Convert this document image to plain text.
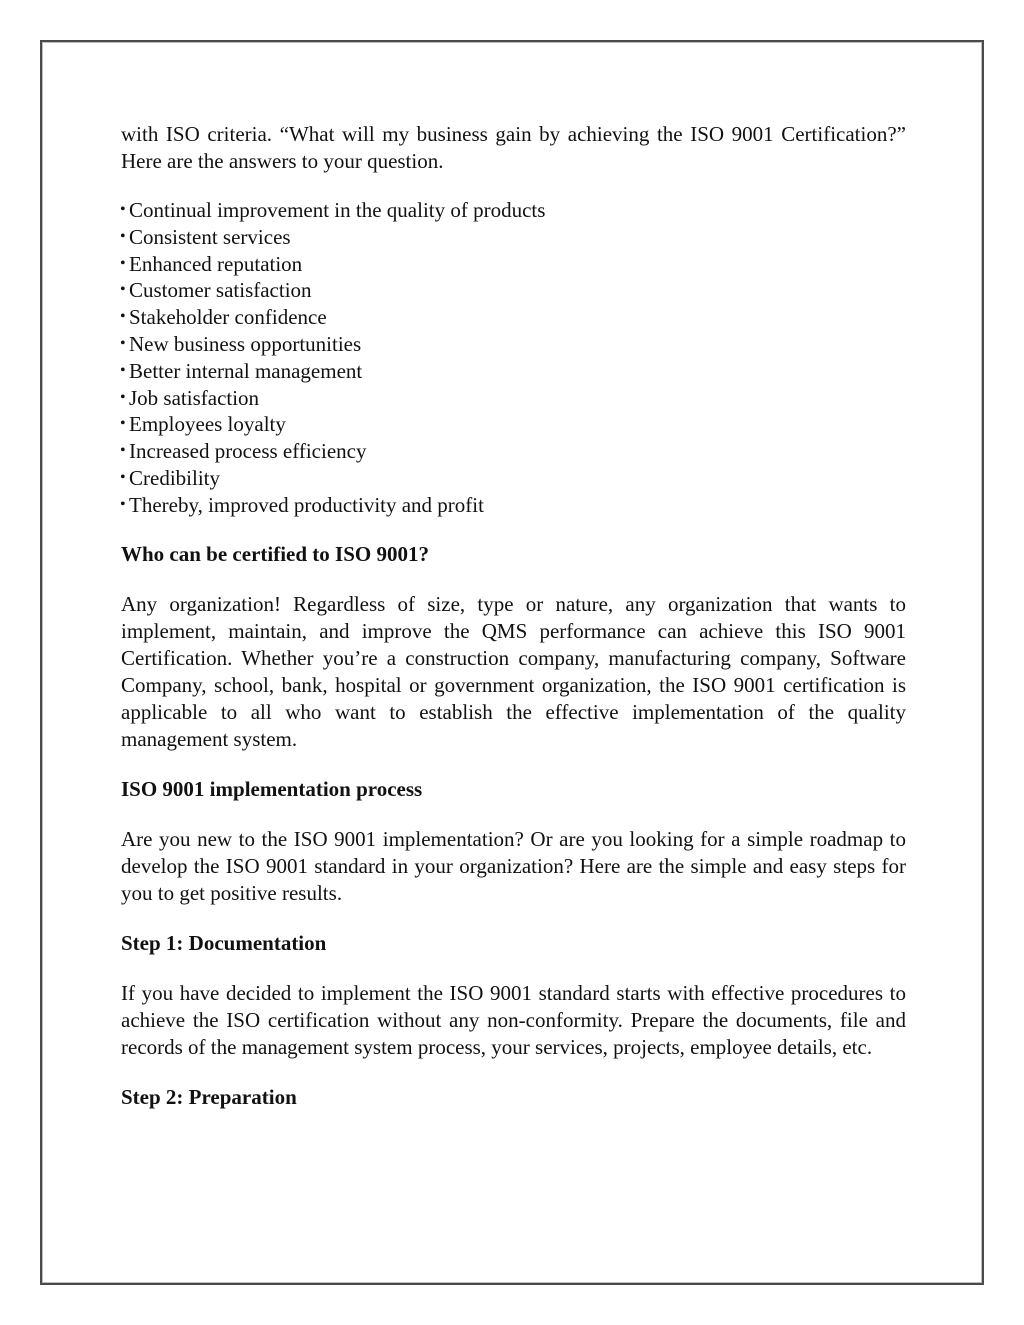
with ISO criteria. “What will my business gain by achieving the ISO 9001 Certification?” Here are the answers to your question.

• Continual improvement in the quality of products
• Consistent services
• Enhanced reputation
• Customer satisfaction
• Stakeholder confidence
• New business opportunities
• Better internal management
• Job satisfaction
• Employees loyalty
• Increased process efficiency
• Credibility
• Thereby, improved productivity and profit
Who can be certified to ISO 9001?

Any organization! Regardless of size, type or nature, any organization that wants to implement, maintain, and improve the QMS performance can achieve this ISO 9001 Certification. Whether you’re a construction company, manufacturing company, Software Company, school, bank, hospital or government organization, the ISO 9001 certification is applicable to all who want to establish the effective implementation of the quality management system.

ISO 9001 implementation process

Are you new to the ISO 9001 implementation? Or are you looking for a simple roadmap to develop the ISO 9001 standard in your organization? Here are the simple and easy steps for you to get positive results.

Step 1: Documentation

If you have decided to implement the ISO 9001 standard starts with effective procedures to achieve the ISO certification without any non-conformity. Prepare the documents, file and records of the management system process, your services, projects, employee details, etc.

Step 2: Preparation
